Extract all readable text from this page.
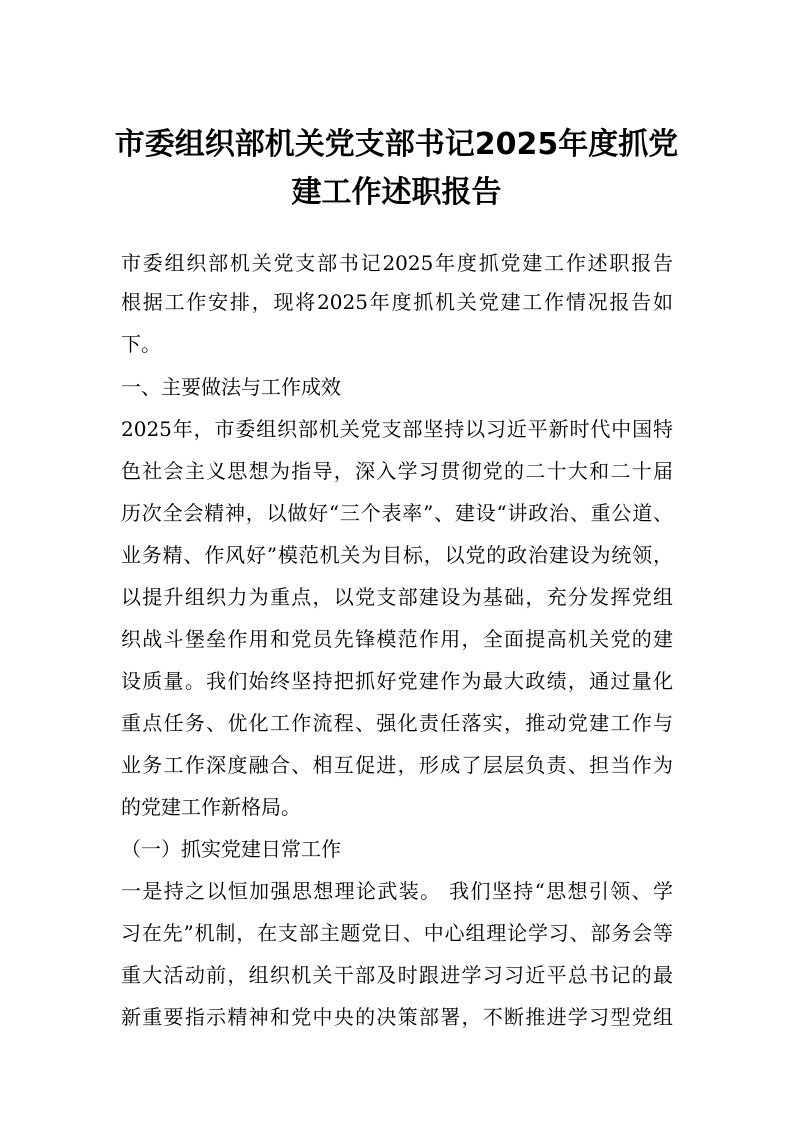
市委组织部机关党支部书记2025年度抓党
建工作述职报告
市委组织部机关党支部书记2025年度抓党建工作述职报告
根据工作安排，现将2025年度抓机关党建工作情况报告如
下。
一、主要做法与工作成效
2025年，市委组织部机关党支部坚持以习近平新时代中国特
色社会主义思想为指导，深入学习贯彻党的二十大和二十届
历次全会精神，以做好“三个表率”、建设“讲政治、重公道、
业务精、作风好”模范机关为目标，以党的政治建设为统领，
以提升组织力为重点，以党支部建设为基础，充分发挥党组
织战斗堡垒作用和党员先锋模范作用，全面提高机关党的建
设质量。我们始终坚持把抓好党建作为最大政绩，通过量化
重点任务、优化工作流程、强化责任落实，推动党建工作与
业务工作深度融合、相互促进，形成了层层负责、担当作为
的党建工作新格局。
（一）抓实党建日常工作
一是持之以恒加强思想理论武装。 我们坚持“思想引领、学
习在先”机制，在支部主题党日、中心组理论学习、部务会等
重大活动前，组织机关干部及时跟进学习习近平总书记的最
新重要指示精神和党中央的决策部署，不断推进学习型党组
